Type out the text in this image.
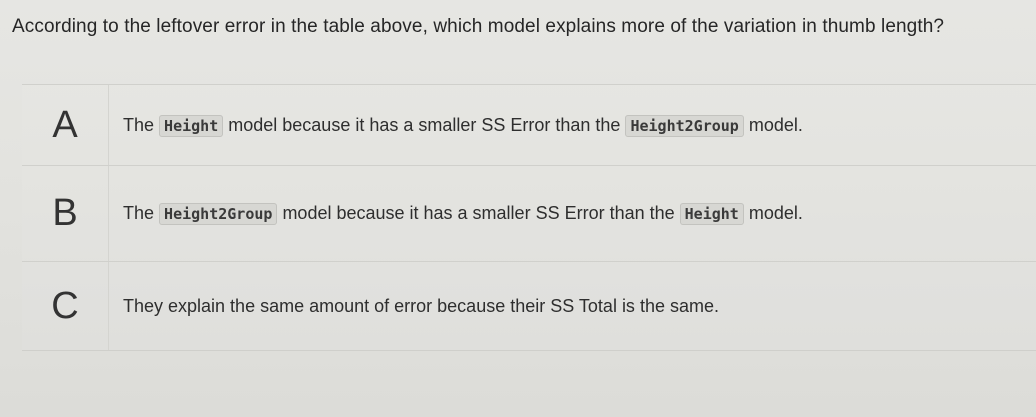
According to the leftover error in the table above, which model explains more of the variation in thumb length?
A	The Height model because it has a smaller SS Error than the Height2Group model.
B	The Height2Group model because it has a smaller SS Error than the Height model.
C They explain the same amount of error because their SS Total is the same.
